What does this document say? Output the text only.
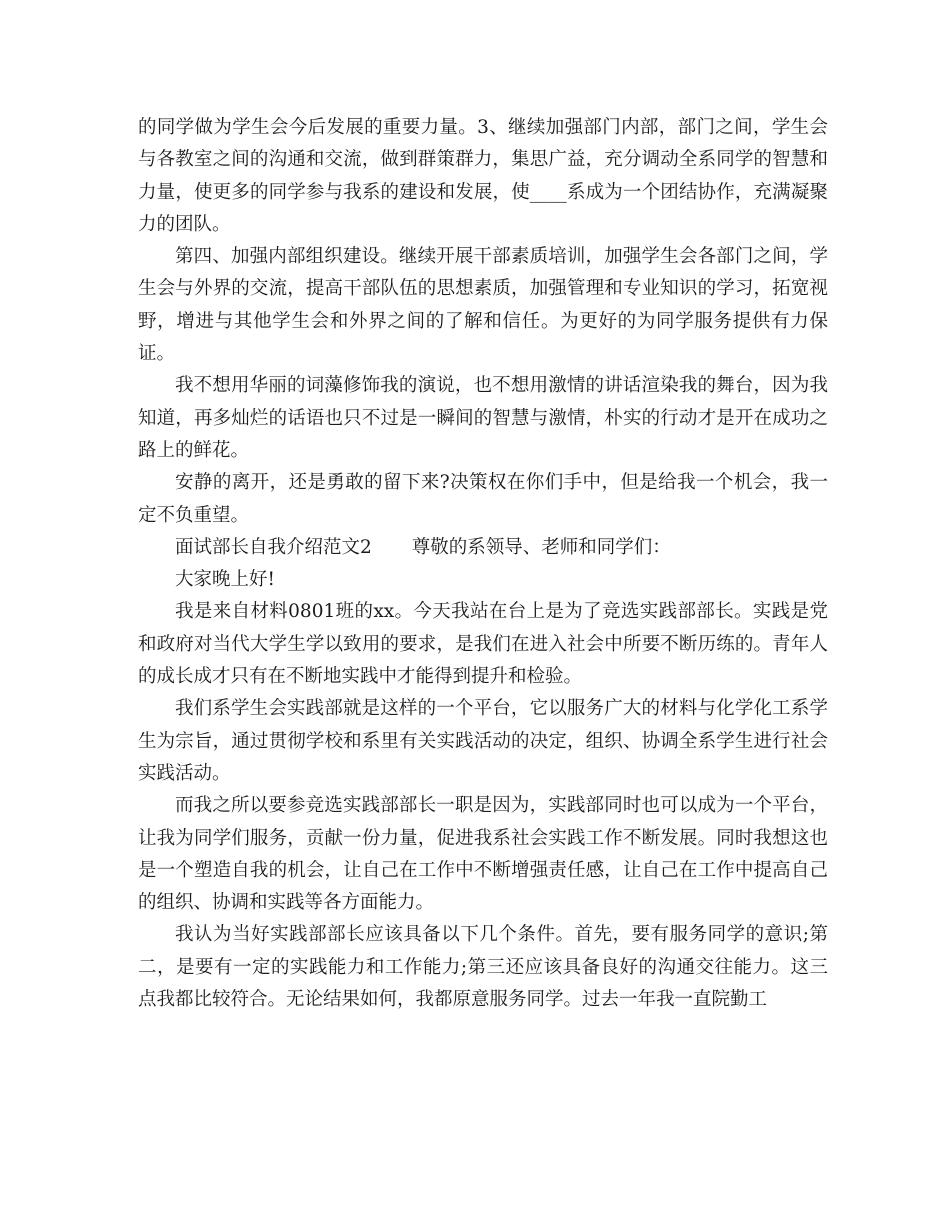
的同学做为学生会今后发展的重要力量。3、继续加强部门内部，部门之间，学生会与各教室之间的沟通和交流，做到群策群力，集思广益，充分调动全系同学的智慧和力量，使更多的同学参与我系的建设和发展，使____系成为一个团结协作，充满凝聚力的团队。

第四、加强内部组织建设。继续开展干部素质培训，加强学生会各部门之间，学生会与外界的交流，提高干部队伍的思想素质，加强管理和专业知识的学习，拓宽视野，增进与其他学生会和外界之间的了解和信任。为更好的为同学服务提供有力保证。

我不想用华丽的词藻修饰我的演说，也不想用激情的讲话渲染我的舞台，因为我知道，再多灿烂的话语也只不过是一瞬间的智慧与激情，朴实的行动才是开在成功之路上的鲜花。

安静的离开，还是勇敢的留下来?决策权在你们手中，但是给我一个机会，我一定不负重望。

面试部长自我介绍范文2 尊敬的系领导、老师和同学们：

大家晚上好!

我是来自材料0801班的xx。今天我站在台上是为了竞选实践部部长。实践是党和政府对当代大学生学以致用的要求，是我们在进入社会中所要不断历练的。青年人的成长成才只有在不断地实践中才能得到提升和检验。

我们系学生会实践部就是这样的一个平台，它以服务广大的材料与化学化工系学生为宗旨，通过贯彻学校和系里有关实践活动的决定，组织、协调全系学生进行社会实践活动。

而我之所以要参竞选实践部部长一职是因为，实践部同时也可以成为一个平台，让我为同学们服务，贡献一份力量，促进我系社会实践工作不断发展。同时我想这也是一个塑造自我的机会，让自己在工作中不断增强责任感，让自己在工作中提高自己的组织、协调和实践等各方面能力。

我认为当好实践部部长应该具备以下几个条件。首先，要有服务同学的意识;第二，是要有一定的实践能力和工作能力;第三还应该具备良好的沟通交往能力。这三点我都比较符合。无论结果如何，我都原意服务同学。过去一年我一直院勤工
